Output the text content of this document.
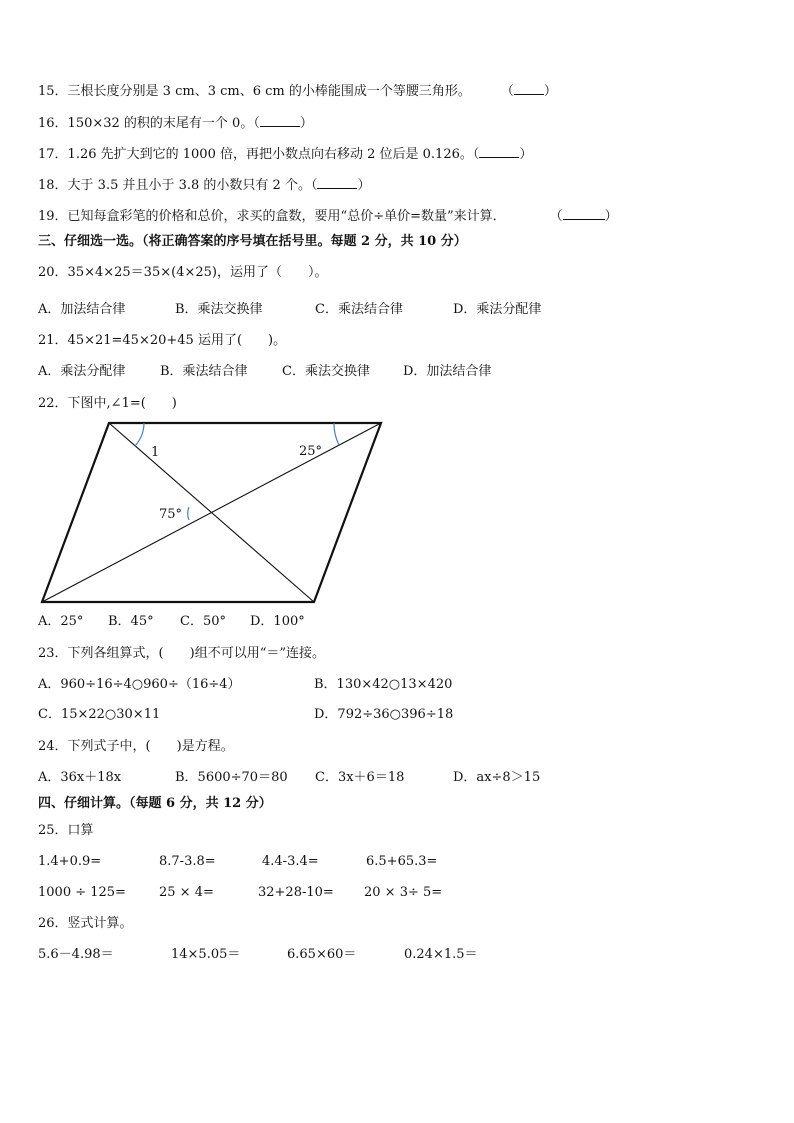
15．三根长度分别是 3 cm、3 cm、6 cm 的小棒能围成一个等腰三角形。 （ ）
16．150×32 的积的末尾有一个 0。（	）
17．1.26 先扩大到它的 1000 倍，再把小数点向右移动 2 位后是 0.126。（	）
18．大于 3.5 并且小于 3.8 的小数只有 2 个。（	）
19．已知每盒彩笔的价格和总价，求买的盒数，要用“总价÷单价=数量”来计算．	（	）
三、仔细选一选。（将正确答案的序号填在括号里。每题 2 分，共 10 分）
20．35×4×25＝35×(4×25)，运用了（　　）。
A．加法结合律	B．乘法交换律	C．乘法结合律	D．乘法分配律
21．45×21=45×20+45 运用了(　　)。
A．乘法分配律	B．乘法结合律	C．乘法交换律	D．加法结合律
22．下图中,∠1=(　　)
1	25°
75°
A．25° B．45° C．50° D．100°
23．下列各组算式，(　　)组不可以用“＝”连接。
A．960÷16÷4○960÷（16÷4）	B．130×42○13×420
C．15×22○30×11	D．792÷36○396÷18
24．下列式子中，(　　)是方程。
A．36x＋18x	B．5600÷70＝80 C．3x＋6＝18	D．ax÷8＞15
四、仔细计算。（每题 6 分，共 12 分）
25．口算
1.4+0.9=	8.7-3.8=	4.4-3.4=	6.5+65.3=
1000 ÷ 125=	25 × 4=	32+28-10= 20 × 3÷ 5=
26．竖式计算。
5.6－4.98＝	14×5.05＝	6.65×60＝	0.24×1.5＝
